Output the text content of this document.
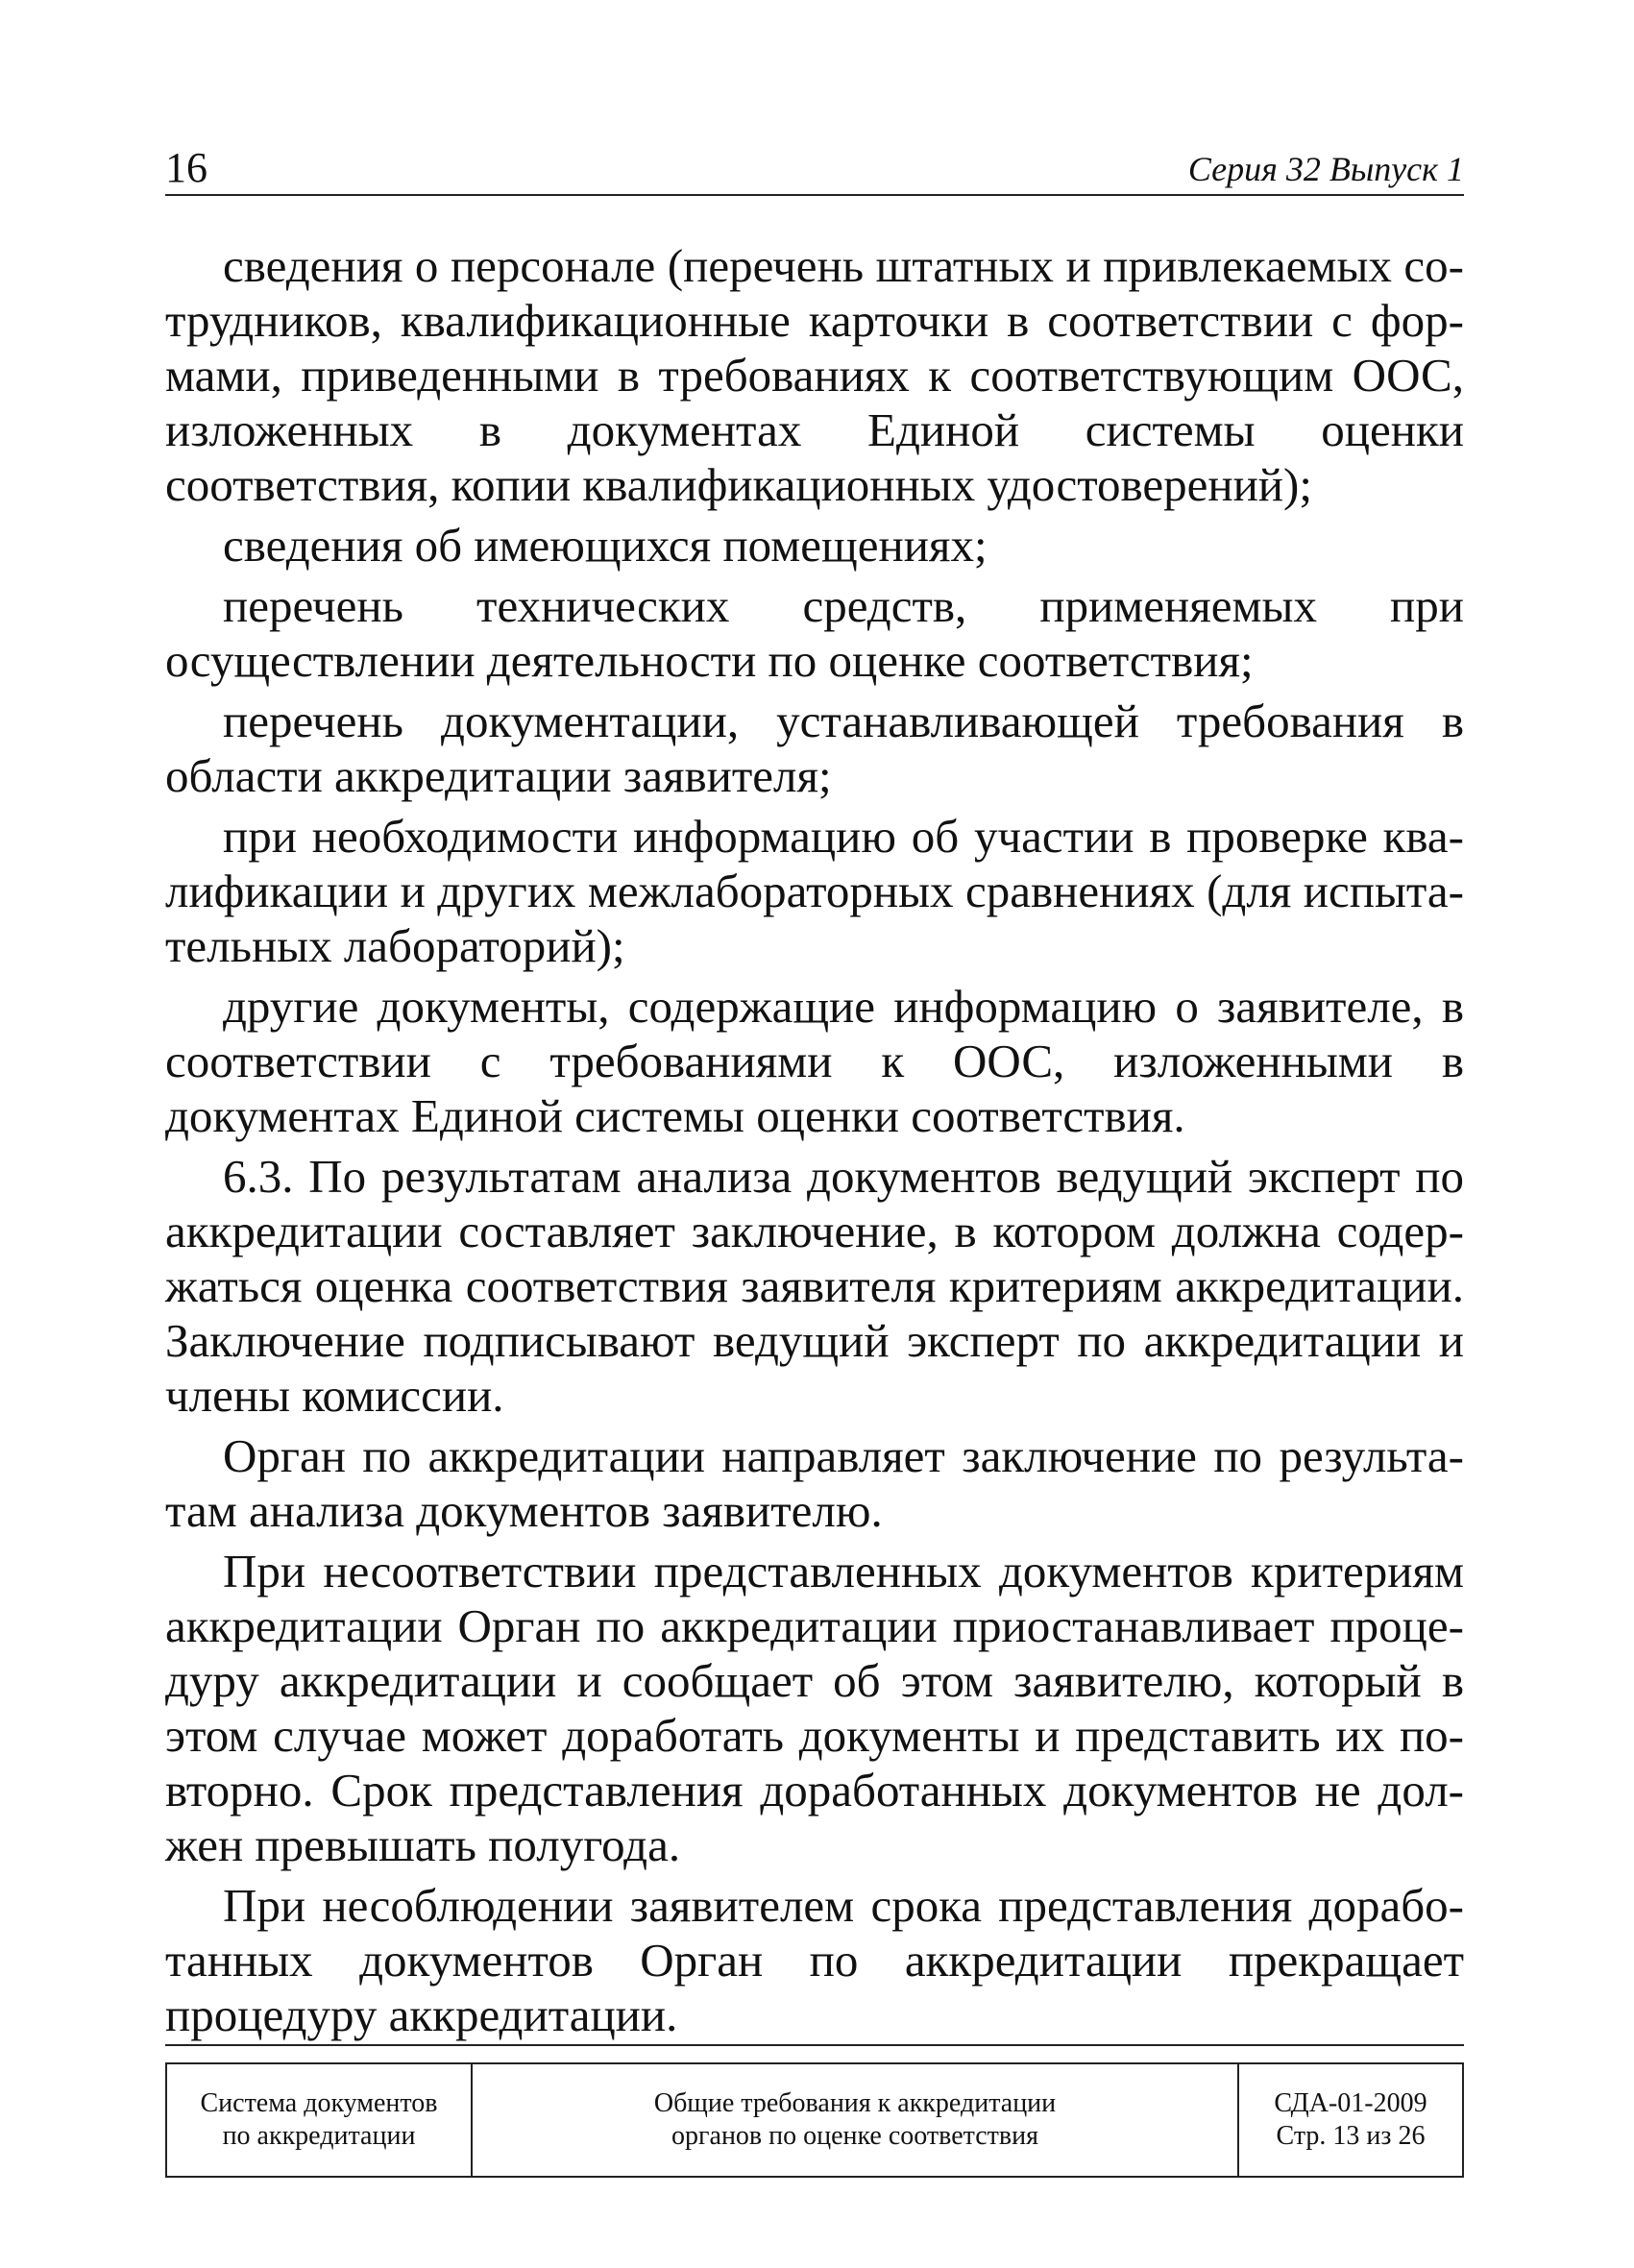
16	Серия 32 Выпуск 1

сведения о персонале (перечень штатных и привлекаемых сотрудников, квалификационные карточки в соответствии с формами, приведенными в требованиях к соответствующим ООС, изложенных в документах Единой системы оценки соответствия, копии квалификационных удостоверений);

сведения об имеющихся помещениях;

перечень технических средств, применяемых при осуществлении деятельности по оценке соответствия;

перечень документации, устанавливающей требования в области аккредитации заявителя;

при необходимости информацию об участии в проверке квалификации и других межлабораторных сравнениях (для испытательных лабораторий);

другие документы, содержащие информацию о заявителе, в соответствии с требованиями к ООС, изложенными в документах Единой системы оценки соответствия.

6.3. По результатам анализа документов ведущий эксперт по аккредитации составляет заключение, в котором должна содержаться оценка соответствия заявителя критериям аккредитации. Заключение подписывают ведущий эксперт по аккредитации и члены комиссии.

Орган по аккредитации направляет заключение по результатам анализа документов заявителю.

При несоответствии представленных документов критериям аккредитации Орган по аккредитации приостанавливает процедуру аккредитации и сообщает об этом заявителю, который в этом случае может доработать документы и представить их повторно. Срок представления доработанных документов не должен превышать полугода.

При несоблюдении заявителем срока представления доработанных документов Орган по аккредитации прекращает процедуру аккредитации.

Система документов
по аккредитации
Общие требования к аккредитации
органов по оценке соответствия
СДА-01-2009
Стр. 13 из 26
